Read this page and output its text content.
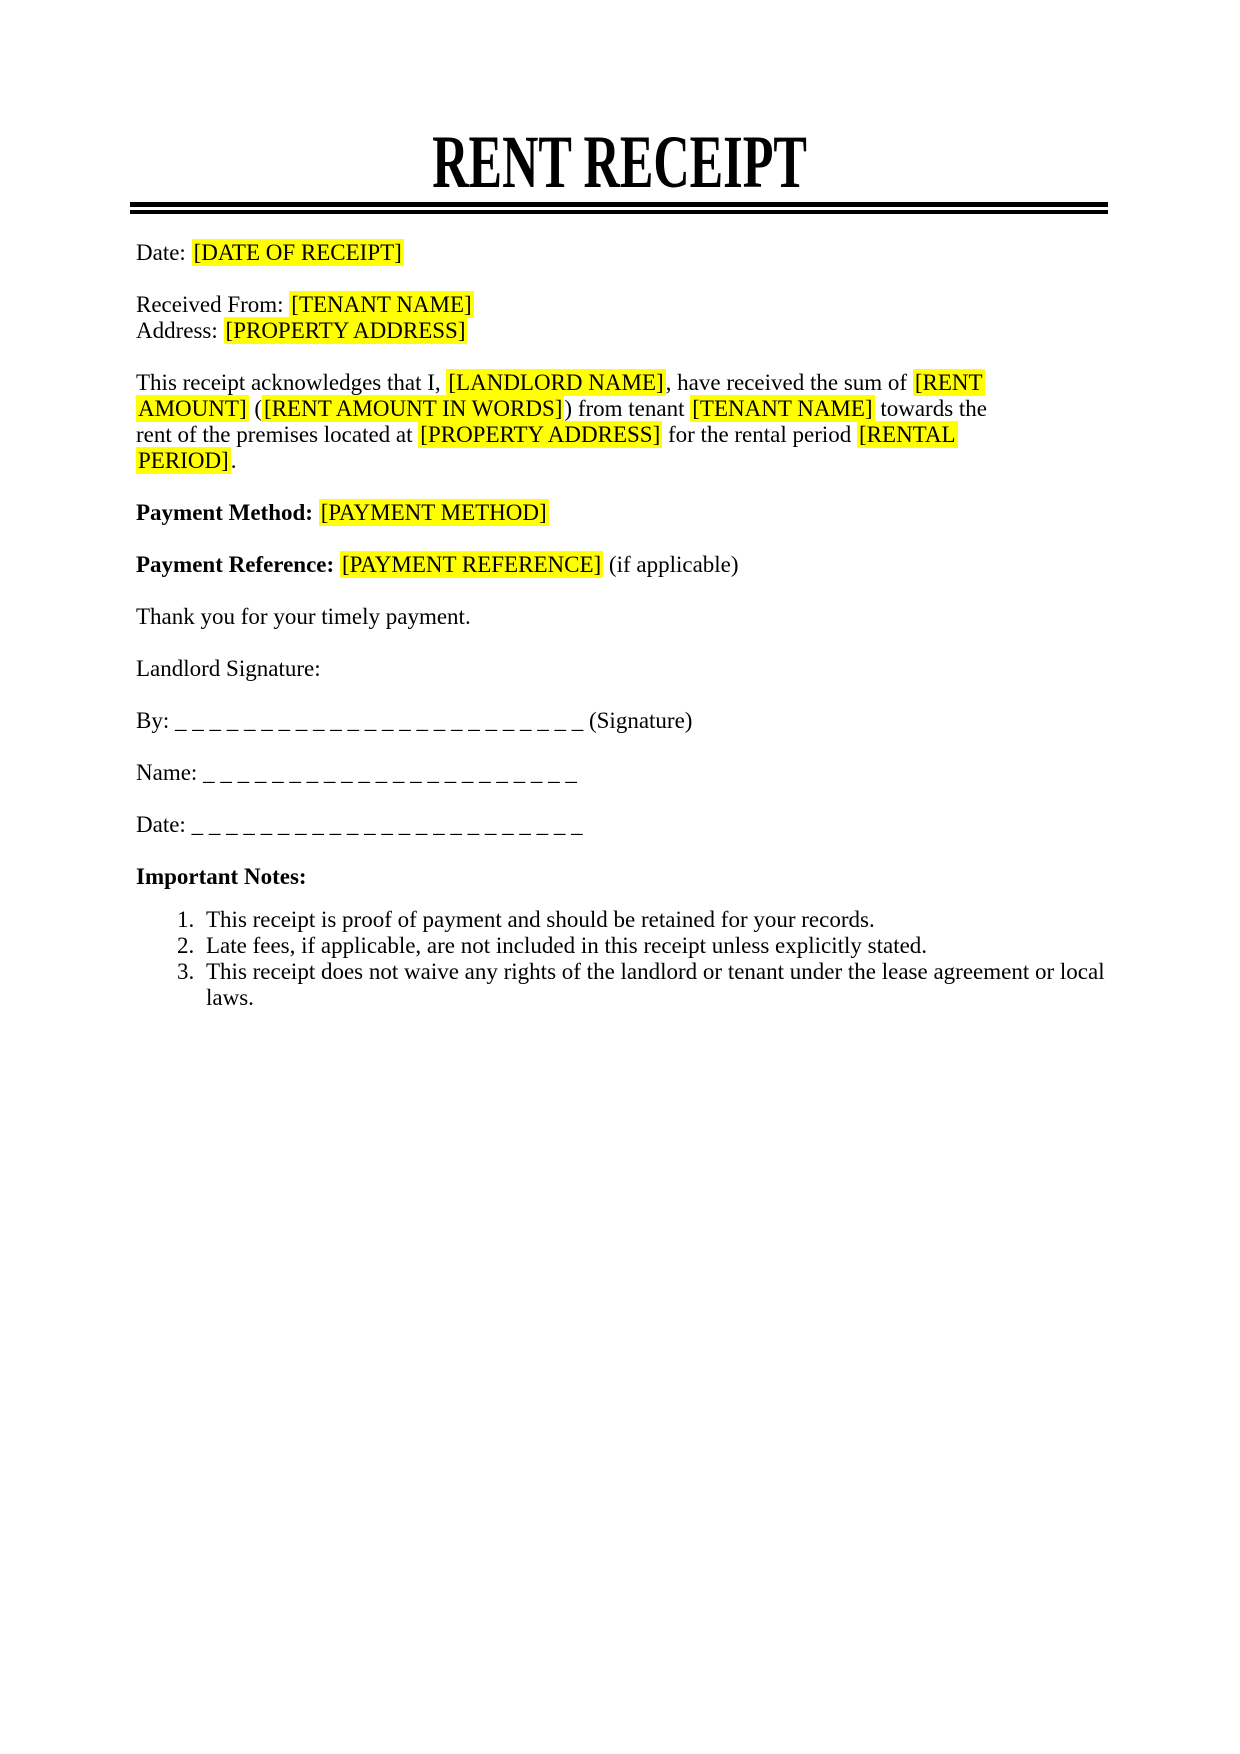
RENT RECEIPT

Date: [DATE OF RECEIPT]

Received From: [TENANT NAME]
Address: [PROPERTY ADDRESS]

This receipt acknowledges that I, [LANDLORD NAME], have received the sum of [RENT
AMOUNT] ([RENT AMOUNT IN WORDS]) from tenant [TENANT NAME] towards the
rent of the premises located at [PROPERTY ADDRESS] for the rental period [RENTAL
PERIOD].

Payment Method: [PAYMENT METHOD]

Payment Reference: [PAYMENT REFERENCE] (if applicable)

Thank you for your timely payment.

Landlord Signature:

By: _ _ _ _ _ _ _ _ _ _ _ _ _ _ _ _ _ _ _ _ _ _ _ _ (Signature)

Name: _ _ _ _ _ _ _ _ _ _ _ _ _ _ _ _ _ _ _ _ _ _

Date: _ _ _ _ _ _ _ _ _ _ _ _ _ _ _ _ _ _ _ _ _ _ _

Important Notes:

1. This receipt is proof of payment and should be retained for your records.
2. Late fees, if applicable, are not included in this receipt unless explicitly stated.
3. This receipt does not waive any rights of the landlord or tenant under the lease agreement or local laws.
